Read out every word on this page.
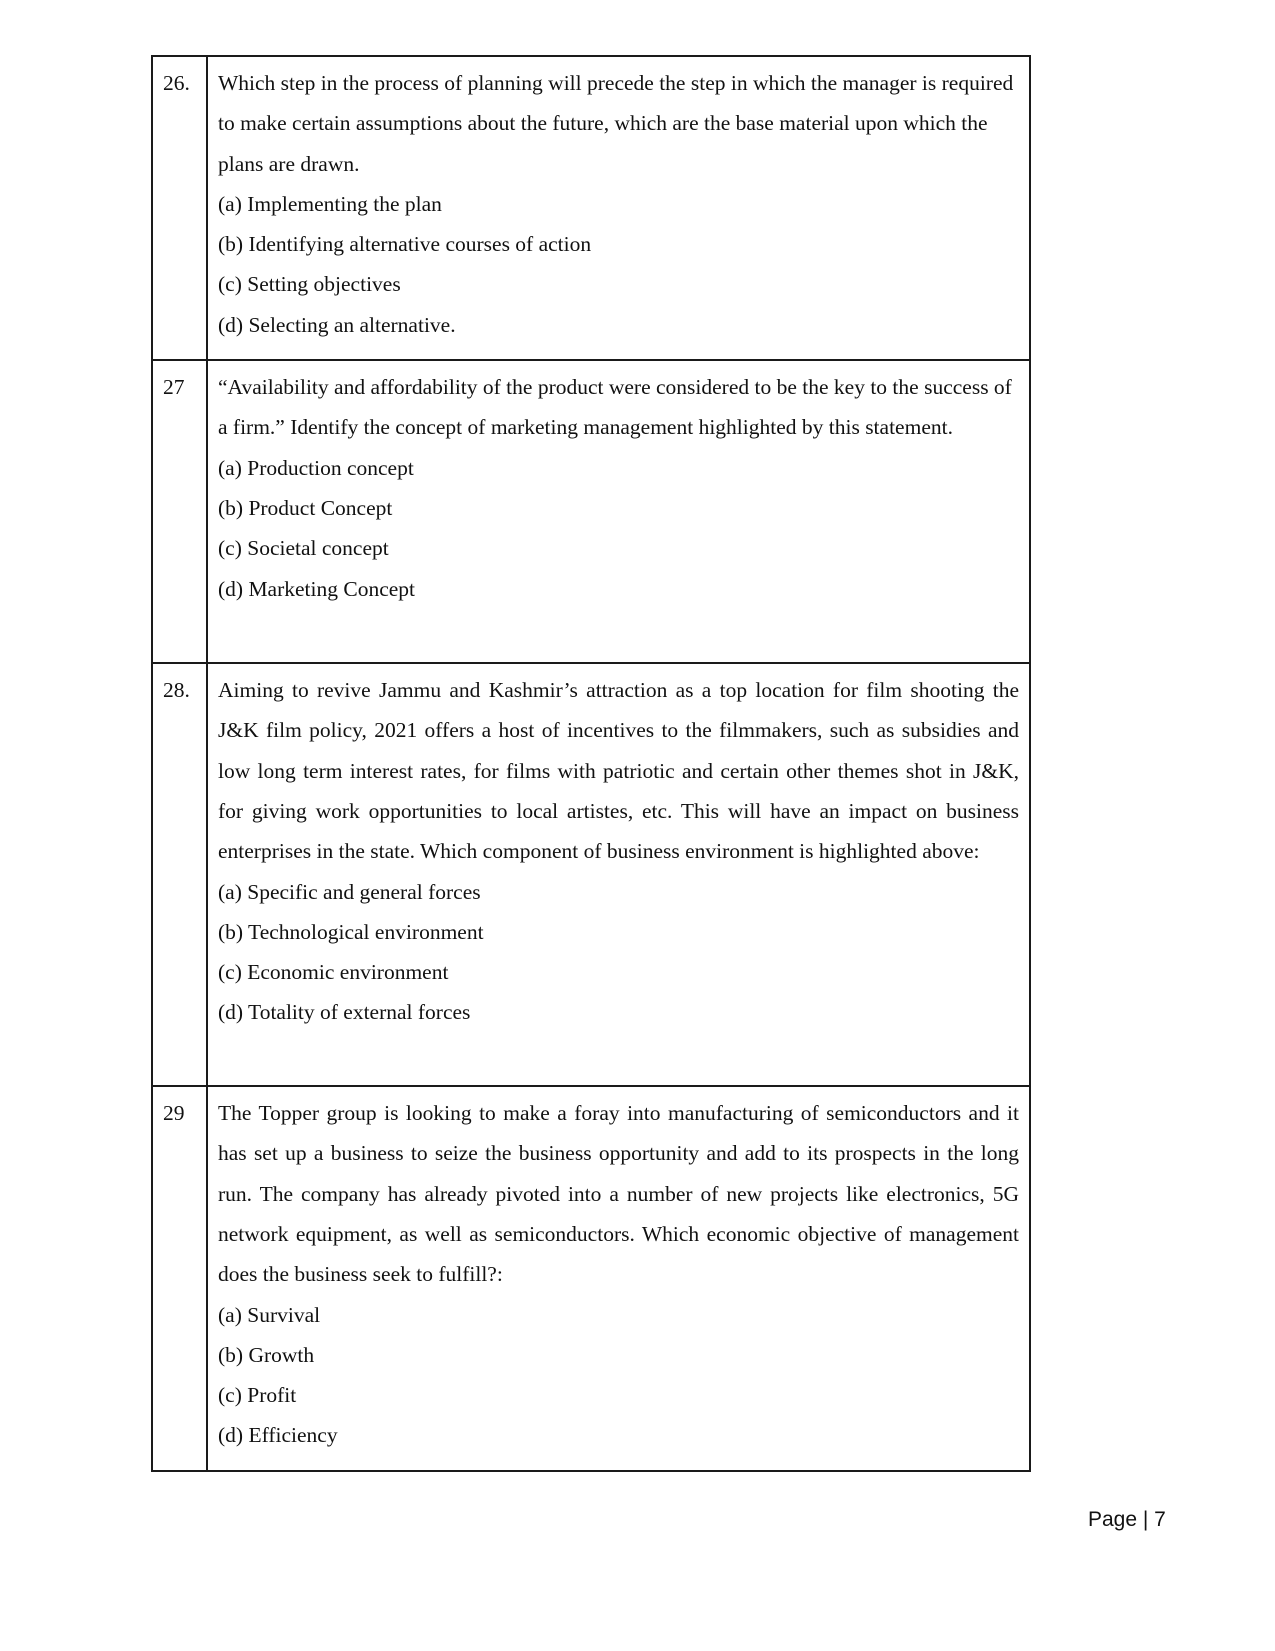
26.	Which step in the process of planning will precede the step in which the manager is required to make certain assumptions about the future, which are the base material upon which the plans are drawn.

(a) Implementing the plan

(b) Identifying alternative courses of action

(c) Setting objectives

(d) Selecting an alternative.

27	“Availability and affordability of the product were considered to be the key to the success of a firm.” Identify the concept of marketing management highlighted by this statement.

(a) Production concept

(b) Product Concept

(c) Societal concept

(d) Marketing Concept

28.	Aiming to revive Jammu and Kashmir’s attraction as a top location for film shooting the J&K film policy, 2021 offers a host of incentives to the filmmakers, such as subsidies and low long term interest rates, for films with patriotic and certain other themes shot in J&K, for giving work opportunities to local artistes, etc. This will have an impact on business enterprises in the state. Which component of business environment is highlighted above:

(a) Specific and general forces

(b) Technological environment

(c) Economic environment

(d) Totality of external forces

29	The Topper group is looking to make a foray into manufacturing of semiconductors and it has set up a business to seize the business opportunity and add to its prospects in the long run. The company has already pivoted into a number of new projects like electronics, 5G network equipment, as well as semiconductors. Which economic objective of management does the business seek to fulfill?:

(a) Survival

(b) Growth

(c) Profit

(d) Efficiency

Page | 7
